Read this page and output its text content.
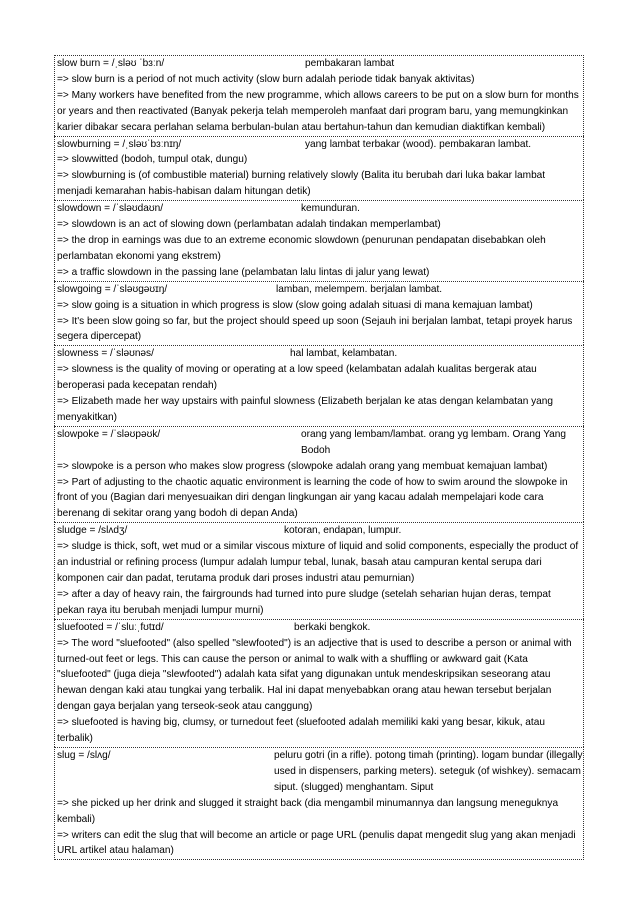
slow burn = /ˌsləʊ ˈbɜːn/	pembakaran lambat
=> slow burn is a period of not much activity (slow burn adalah periode tidak banyak aktivitas)
=> Many workers have benefited from the new programme, which allows careers to be put on a slow burn for months or years and then reactivated (Banyak pekerja telah memperoleh manfaat dari program baru, yang memungkinkan karier dibakar secara perlahan selama berbulan-bulan atau bertahun-tahun dan kemudian diaktifkan kembali)
slowburning = /ˌsləʊˈbɜːnɪŋ/	yang lambat terbakar (wood). pembakaran lambat.
=> slowwitted (bodoh, tumpul otak, dungu)
=> slowburning is (of combustible material) burning relatively slowly (Balita itu berubah dari luka bakar lambat menjadi kemarahan habis-habisan dalam hitungan detik)
slowdown = /ˈsləʊdaʊn/	kemunduran.
=> slowdown is an act of slowing down (perlambatan adalah tindakan memperlambat)
=> the drop in earnings was due to an extreme economic slowdown (penurunan pendapatan disebabkan oleh perlambatan ekonomi yang ekstrem)
=> a traffic slowdown in the passing lane (pelambatan lalu lintas di jalur yang lewat)
slowgoing = /ˈsləʊɡəʊɪŋ/	lamban, melempem. berjalan lambat.
=> slow going is a situation in which progress is slow (slow going adalah situasi di mana kemajuan lambat)
=> It's been slow going so far, but the project should speed up soon (Sejauh ini berjalan lambat, tetapi proyek harus segera dipercepat)
slowness = /ˈsləʊnəs/	hal lambat, kelambatan.
=> slowness is the quality of moving or operating at a low speed (kelambatan adalah kualitas bergerak atau beroperasi pada kecepatan rendah)
=> Elizabeth made her way upstairs with painful slowness (Elizabeth berjalan ke atas dengan kelambatan yang menyakitkan)
slowpoke = /ˈsləʊpəʊk/	orang yang lembam/lambat. orang yg lembam. Orang Yang Bodoh
=> slowpoke is a person who makes slow progress (slowpoke adalah orang yang membuat kemajuan lambat)
=> Part of adjusting to the chaotic aquatic environment is learning the code of how to swim around the slowpoke in front of you (Bagian dari menyesuaikan diri dengan lingkungan air yang kacau adalah mempelajari kode cara berenang di sekitar orang yang bodoh di depan Anda)
sludge = /slʌdʒ/	kotoran, endapan, lumpur.
=> sludge is thick, soft, wet mud or a similar viscous mixture of liquid and solid components, especially the product of an industrial or refining process (lumpur adalah lumpur tebal, lunak, basah atau campuran kental serupa dari komponen cair dan padat, terutama produk dari proses industri atau pemurnian)
=> after a day of heavy rain, the fairgrounds had turned into pure sludge (setelah seharian hujan deras, tempat pekan raya itu berubah menjadi lumpur murni)
sluefooted = /ˈsluːˌfʊtɪd/	berkaki bengkok.
=> The word "sluefooted" (also spelled "slewfooted") is an adjective that is used to describe a person or animal with turned-out feet or legs. This can cause the person or animal to walk with a shuffling or awkward gait (Kata "sluefooted" (juga dieja "slewfooted") adalah kata sifat yang digunakan untuk mendeskripsikan seseorang atau hewan dengan kaki atau tungkai yang terbalik. Hal ini dapat menyebabkan orang atau hewan tersebut berjalan dengan gaya berjalan yang terseok-seok atau canggung)
=> sluefooted is having big, clumsy, or turnedout feet (sluefooted adalah memiliki kaki yang besar, kikuk, atau terbalik)
slug = /slʌɡ/	peluru gotri (in a rifle). potong timah (printing). logam bundar (illegally used in dispensers, parking meters). seteguk (of wishkey). semacam siput. (slugged) menghantam. Siput
=> she picked up her drink and slugged it straight back (dia mengambil minumannya dan langsung meneguknya kembali)
=> writers can edit the slug that will become an article or page URL (penulis dapat mengedit slug yang akan menjadi URL artikel atau halaman)
